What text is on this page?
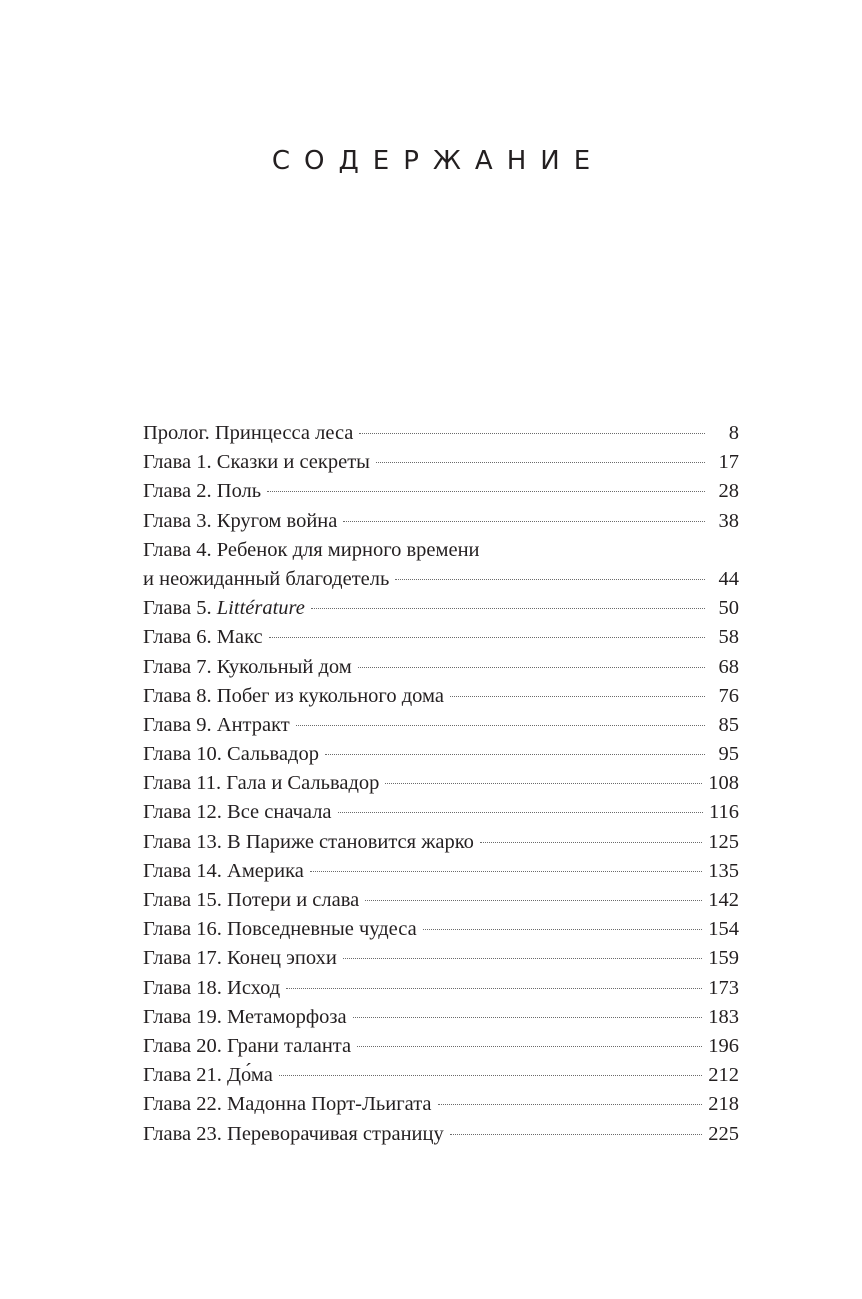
СОДЕРЖАНИЕ
Пролог. Принцесса леса	8
Глава 1. Сказки и секреты	17
Глава 2. Поль	28
Глава 3. Кругом война	38
Глава 4. Ребенок для мирного времени
и неожиданный благодетель	44
Глава 5. Littérature	50
Глава 6. Макс	58
Глава 7. Кукольный дом	68
Глава 8. Побег из кукольного дома	76
Глава 9. Антракт	85
Глава 10. Сальвадор	95
Глава 11. Гала и Сальвадор	108
Глава 12. Все сначала	116
Глава 13. В Париже становится жарко	125
Глава 14. Америка	135
Глава 15. Потери и слава	142
Глава 16. Повседневные чудеса	154
Глава 17. Конец эпохи	159
Глава 18. Исход	173
Глава 19. Метаморфоза	183
Глава 20. Грани таланта	196
Глава 21. До́ма	212
Глава 22. Мадонна Порт-Льигата	218
Глава 23. Переворачивая страницу	225
